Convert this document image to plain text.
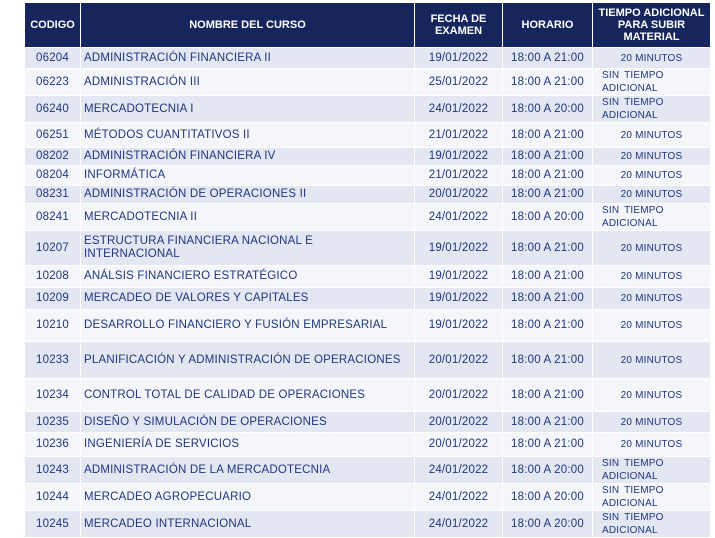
CODIGO	NOMBRE DEL CURSO	FECHA DE EXAMEN	HORARIO	TIEMPO ADICIONAL PARA SUBIR MATERIAL
06204	ADMINISTRACIÓN FINANCIERA II	19/01/2022	18:00 A 21:00	20 MINUTOS
06223	ADMINISTRACIÓN III	25/01/2022	18:00 A 21:00	SIN TIEMPO ADICIONAL
06240	MERCADOTECNIA I	24/01/2022	18:00 A 20:00	SIN TIEMPO ADICIONAL
06251	MÉTODOS CUANTITATIVOS II	21/01/2022	18:00 A 21:00	20 MINUTOS
08202	ADMINISTRACIÓN FINANCIERA IV	19/01/2022	18:00 A 21:00	20 MINUTOS
08204	INFORMÁTICA	21/01/2022	18:00 A 21:00	20 MINUTOS
08231	ADMINISTRACIÓN DE OPERACIONES II	20/01/2022	18:00 A 21:00	20 MINUTOS
08241	MERCADOTECNIA II	24/01/2022	18:00 A 20:00	SIN TIEMPO ADICIONAL
10207	ESTRUCTURA FINANCIERA NACIONAL E INTERNACIONAL	19/01/2022	18:00 A 21:00	20 MINUTOS
10208	ANÁLSIS FINANCIERO ESTRATÉGICO	19/01/2022	18:00 A 21:00	20 MINUTOS
10209	MERCADEO DE VALORES Y CAPITALES	19/01/2022	18:00 A 21:00	20 MINUTOS
10210	DESARROLLO FINANCIERO Y FUSIÓN EMPRESARIAL	19/01/2022	18:00 A 21:00	20 MINUTOS
10233	PLANIFICACIÓN Y ADMINISTRACIÓN DE OPERACIONES	20/01/2022	18:00 A 21:00	20 MINUTOS
10234	CONTROL TOTAL DE CALIDAD DE OPERACIONES	20/01/2022	18:00 A 21:00	20 MINUTOS
10235	DISEÑO Y SIMULACIÓN DE OPERACIONES	20/01/2022	18:00 A 21:00	20 MINUTOS
10236	INGENIERÍA DE SERVICIOS	20/01/2022	18:00 A 21:00	20 MINUTOS
10243	ADMINISTRACIÓN DE LA MERCADOTECNIA	24/01/2022	18:00 A 20:00	SIN TIEMPO ADICIONAL
10244	MERCADEO AGROPECUARIO	24/01/2022	18:00 A 20:00	SIN TIEMPO ADICIONAL
10245	MERCADEO INTERNACIONAL	24/01/2022	18:00 A 20:00	SIN TIEMPO ADICIONAL
